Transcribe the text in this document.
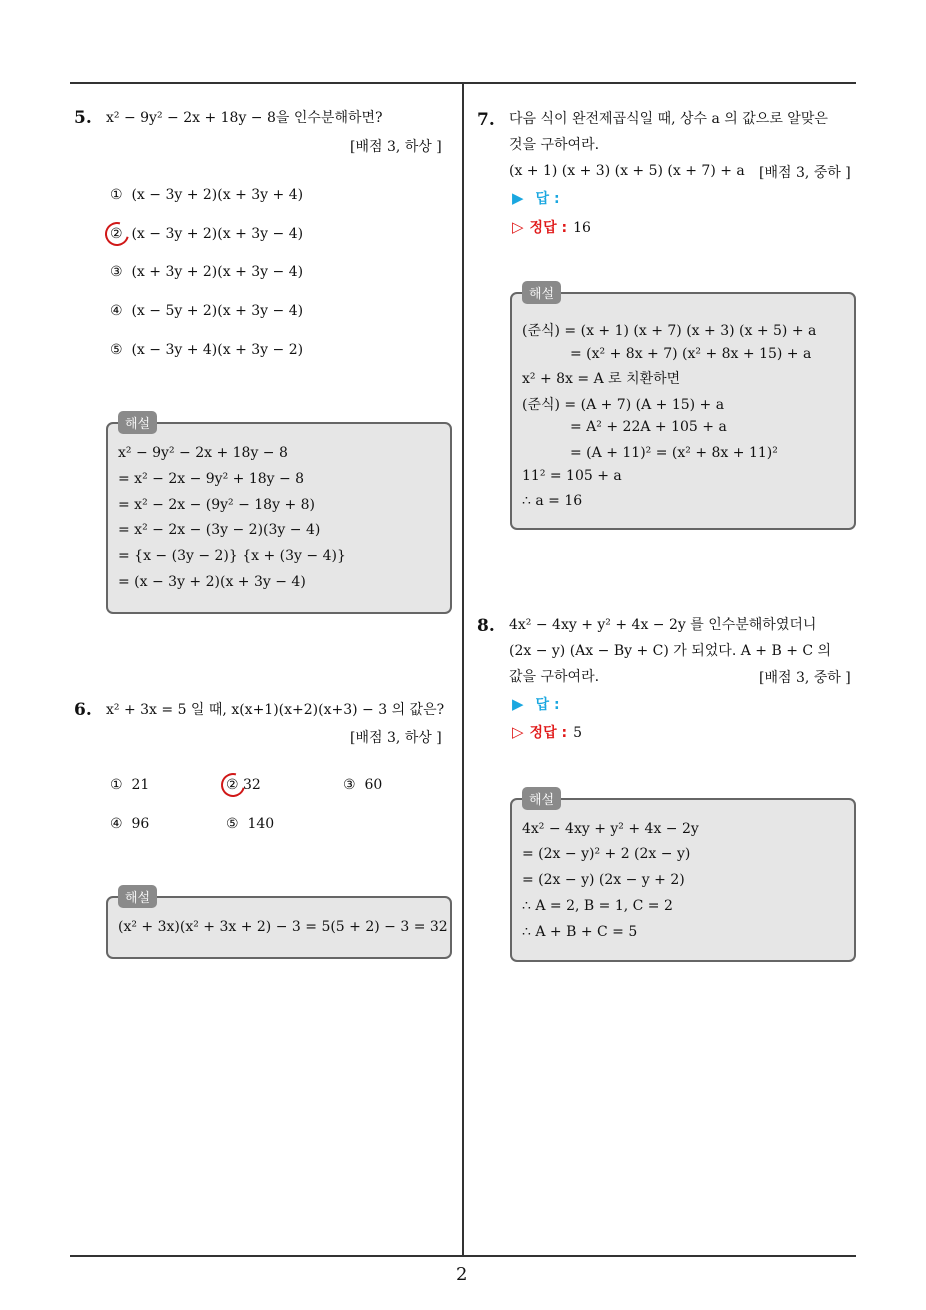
2
5. x² − 9y² − 2x + 18y − 8을 인수분해하면?
[배점 3, 하상 ]
① (x − 3y + 2)(x + 3y + 4)
② (x − 3y + 2)(x + 3y − 4)
③ (x + 3y + 2)(x + 3y − 4)
④ (x − 5y + 2)(x + 3y − 4)
⑤ (x − 3y + 4)(x + 3y − 2)
해설
x² − 9y² − 2x + 18y − 8
= x² − 2x − 9y² + 18y − 8
= x² − 2x − (9y² − 18y + 8)
= x² − 2x − (3y − 2)(3y − 4)
= {x − (3y − 2)} {x + (3y − 4)}
= (x − 3y + 2)(x + 3y − 4)
6. x² + 3x = 5 일 때, x(x+1)(x+2)(x+3) − 3 의 값은?
[배점 3, 하상 ]
① 21	② 32	③ 60
④ 96	⑤ 140
해설
(x² + 3x)(x² + 3x + 2) − 3 = 5(5 + 2) − 3 = 32
7. 다음 식이 완전제곱식일 때, 상수 a 의 값으로 알맞은
것을 구하여라.
(x + 1) (x + 3) (x + 5) (x + 7) + a [배점 3, 중하 ]
▶ 답 :
▷ 정답 : 16
해설
(준식) = (x + 1) (x + 7) (x + 3) (x + 5) + a
= (x² + 8x + 7) (x² + 8x + 15) + a
x² + 8x = A 로 치환하면
(준식) = (A + 7) (A + 15) + a
= A² + 22A + 105 + a
= (A + 11)² = (x² + 8x + 11)²
11² = 105 + a
∴ a = 16
8. 4x² − 4xy + y² + 4x − 2y 를 인수분해하였더니
(2x − y) (Ax − By + C) 가 되었다. A + B + C 의
값을 구하여라.	[배점 3, 중하 ]
▶ 답 :
▷ 정답 : 5
해설
4x² − 4xy + y² + 4x − 2y
= (2x − y)² + 2 (2x − y)
= (2x − y) (2x − y + 2)
∴ A = 2, B = 1, C = 2
∴ A + B + C = 5
